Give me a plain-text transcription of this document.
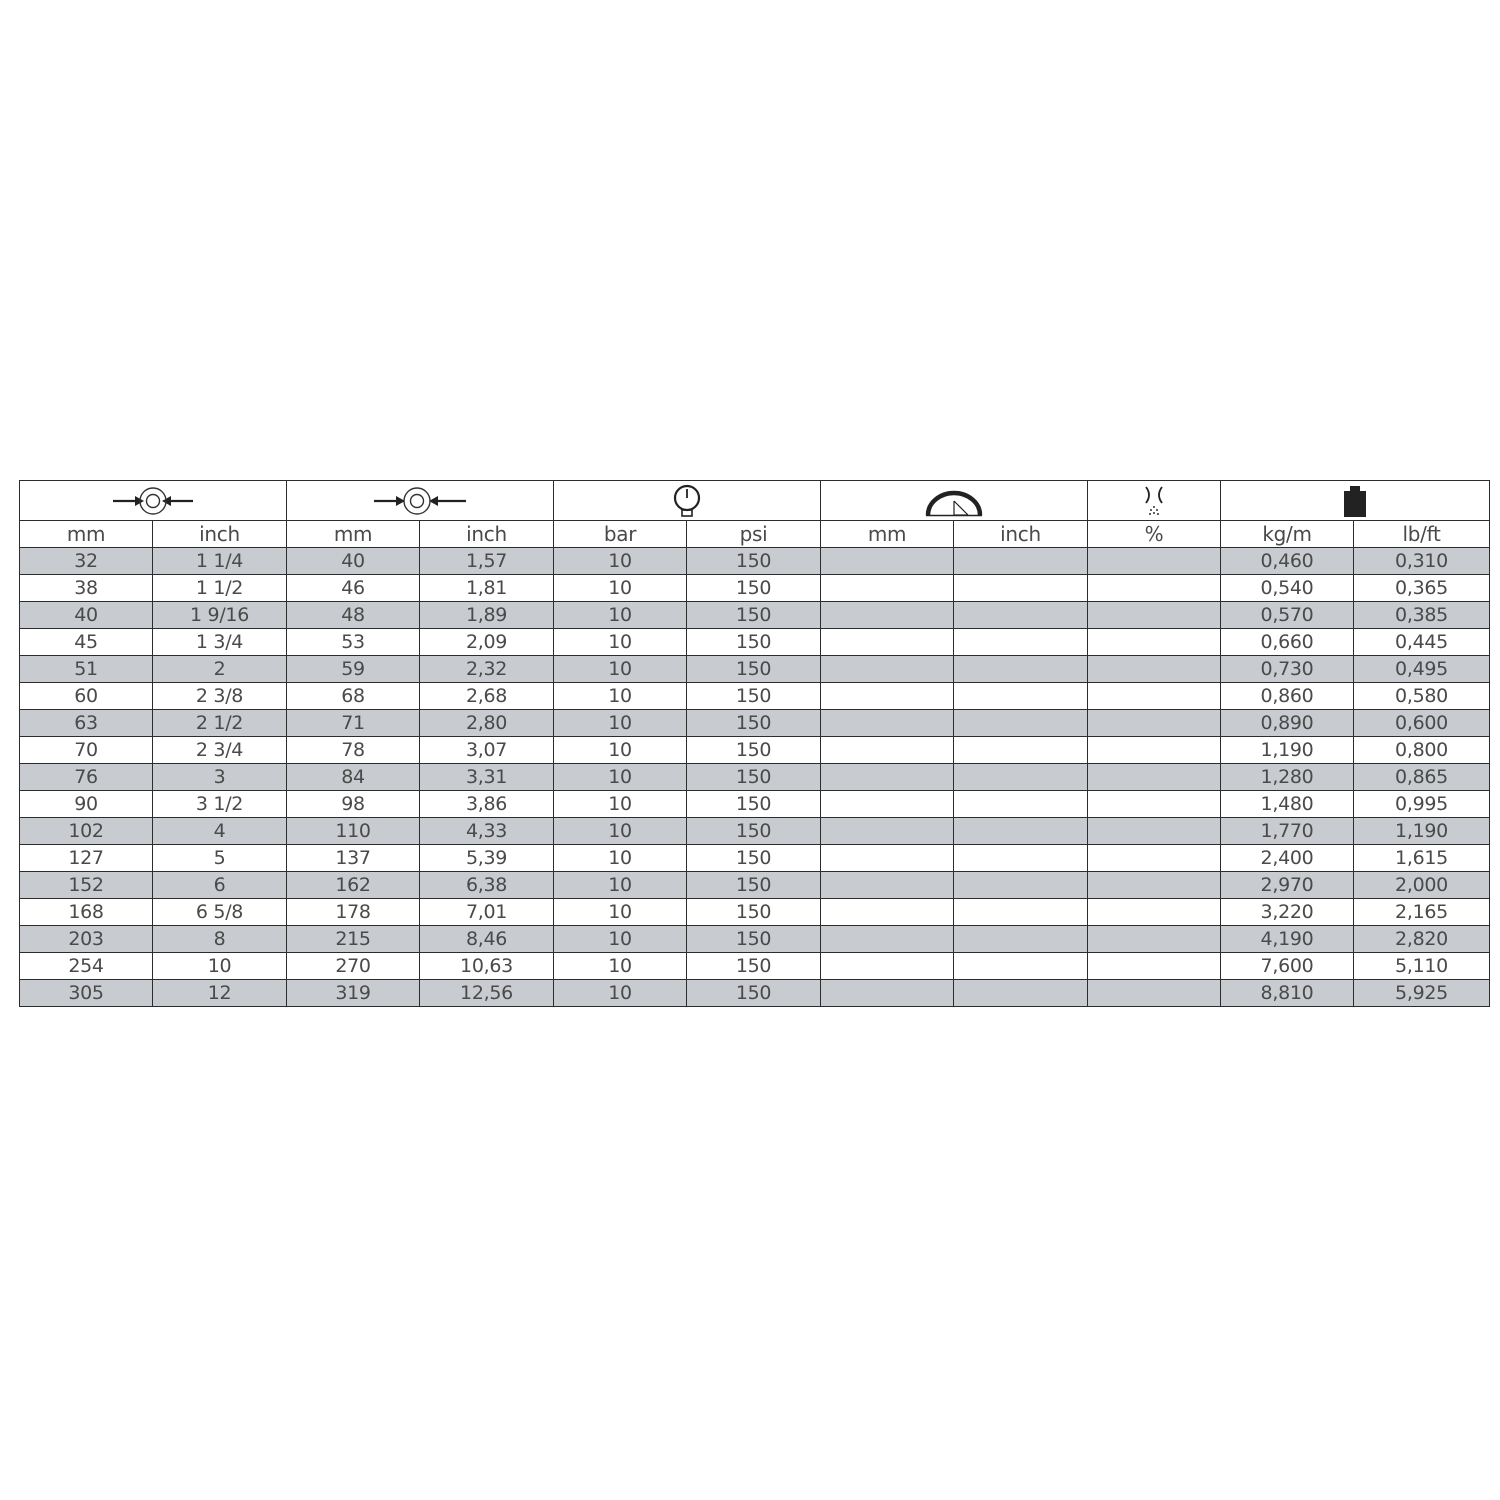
mm	inch	mm	inch	bar	psi	mm	inch	%	kg/m	lb/ft
32	1 1/4	40	1,57	10	150				0,460	0,310
38	1 1/2	46	1,81	10	150				0,540	0,365
40	1 9/16	48	1,89	10	150				0,570	0,385
45	1 3/4	53	2,09	10	150				0,660	0,445
51	2	59	2,32	10	150				0,730	0,495
60	2 3/8	68	2,68	10	150				0,860	0,580
63	2 1/2	71	2,80	10	150				0,890	0,600
70	2 3/4	78	3,07	10	150				1,190	0,800
76	3	84	3,31	10	150				1,280	0,865
90	3 1/2	98	3,86	10	150				1,480	0,995
102	4	110	4,33	10	150				1,770	1,190
127	5	137	5,39	10	150				2,400	1,615
152	6	162	6,38	10	150				2,970	2,000
168	6 5/8	178	7,01	10	150				3,220	2,165
203	8	215	8,46	10	150				4,190	2,820
254	10	270	10,63	10	150				7,600	5,110
305	12	319	12,56	10	150				8,810	5,925
